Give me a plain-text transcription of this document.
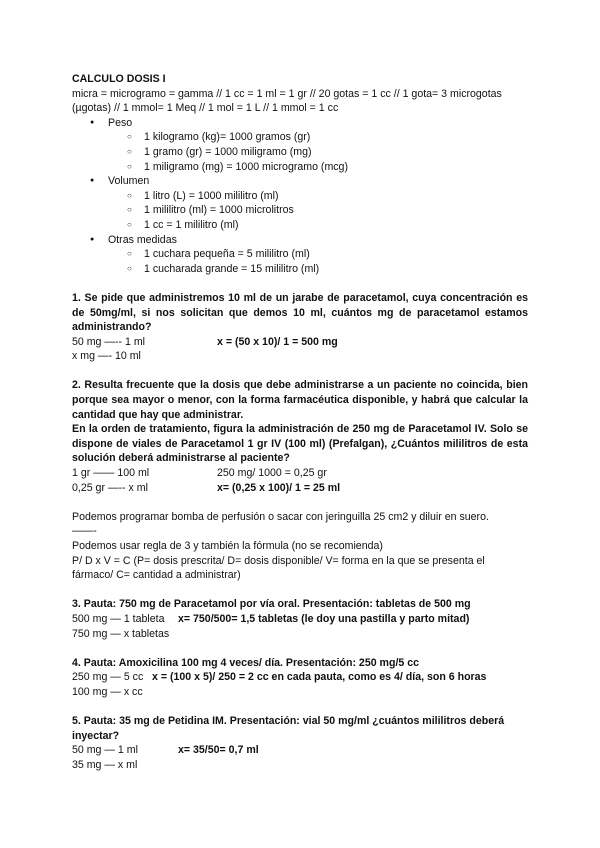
CALCULO DOSIS I

micra = microgramo = gamma // 1 cc = 1 ml = 1 gr // 20 gotas = 1 cc // 1 gota= 3 microgotas (µgotas) // 1 mmol= 1 Meq // 1 mol = 1 L // 1 mmol = 1 cc

● Peso
○ 1 kilogramo (kg)= 1000 gramos (gr)
○ 1 gramo (gr) = 1000 miligramo (mg)
○ 1 miligramo (mg) = 1000 microgramo (mcg)
● Volumen
○ 1 litro (L) = 1000 mililitro (ml)
○ 1 mililitro (ml) = 1000 microlitros
○ 1 cc = 1 mililitro (ml)
● Otras medidas
○ 1 cuchara pequeña = 5 mililitro (ml)
○ 1 cucharada grande = 15 mililitro (ml)

1. Se pide que administremos 10 ml de un jarabe de paracetamol, cuya concentración es de 50mg/ml, si nos solicitan que demos 10 ml, cuántos mg de paracetamol estamos administrando?

50 mg —-- 1 ml	x = (50 x 10)/ 1 = 500 mg

x mg —- 10 ml

2. Resulta frecuente que la dosis que debe administrarse a un paciente no coincida, bien porque sea mayor o menor, con la forma farmacéutica disponible, y habrá que calcular la cantidad que hay que administrar.

En la orden de tratamiento, figura la administración de 250 mg de Paracetamol IV. Solo se dispone de viales de Paracetamol 1 gr IV (100 ml) (Prefalgan), ¿Cuántos mililitros de esta solución deberá administrarse al paciente?

1 gr —— 100 ml	250 mg/ 1000 = 0,25 gr
0,25 gr —-- x ml	x= (0,25 x 100)/ 1 = 25 ml

Podemos programar bomba de perfusión o sacar con jeringuilla 25 cm2 y diluir en suero.

——-

Podemos usar regla de 3 y también la fórmula (no se recomienda)

P/ D x V = C (P= dosis prescrita/ D= dosis disponible/ V= forma en la que se presenta el fármaco/ C= cantidad a administrar)

3. Pauta: 750 mg de Paracetamol por vía oral. Presentación: tabletas de 500 mg

500 mg — 1 tableta	x= 750/500= 1,5 tabletas (le doy una pastilla y parto mitad)

750 mg — x tabletas

4. Pauta: Amoxicilina 100 mg 4 veces/ día. Presentación: 250 mg/5 cc

250 mg — 5 cc x = (100 x 5)/ 250 = 2 cc en cada pauta, como es 4/ día, son 6 horas

100 mg — x cc

5. Pauta: 35 mg de Petidina IM. Presentación: vial 50 mg/ml ¿cuántos mililitros deberá inyectar?

50 mg — 1 ml	x= 35/50= 0,7 ml

35 mg — x ml
